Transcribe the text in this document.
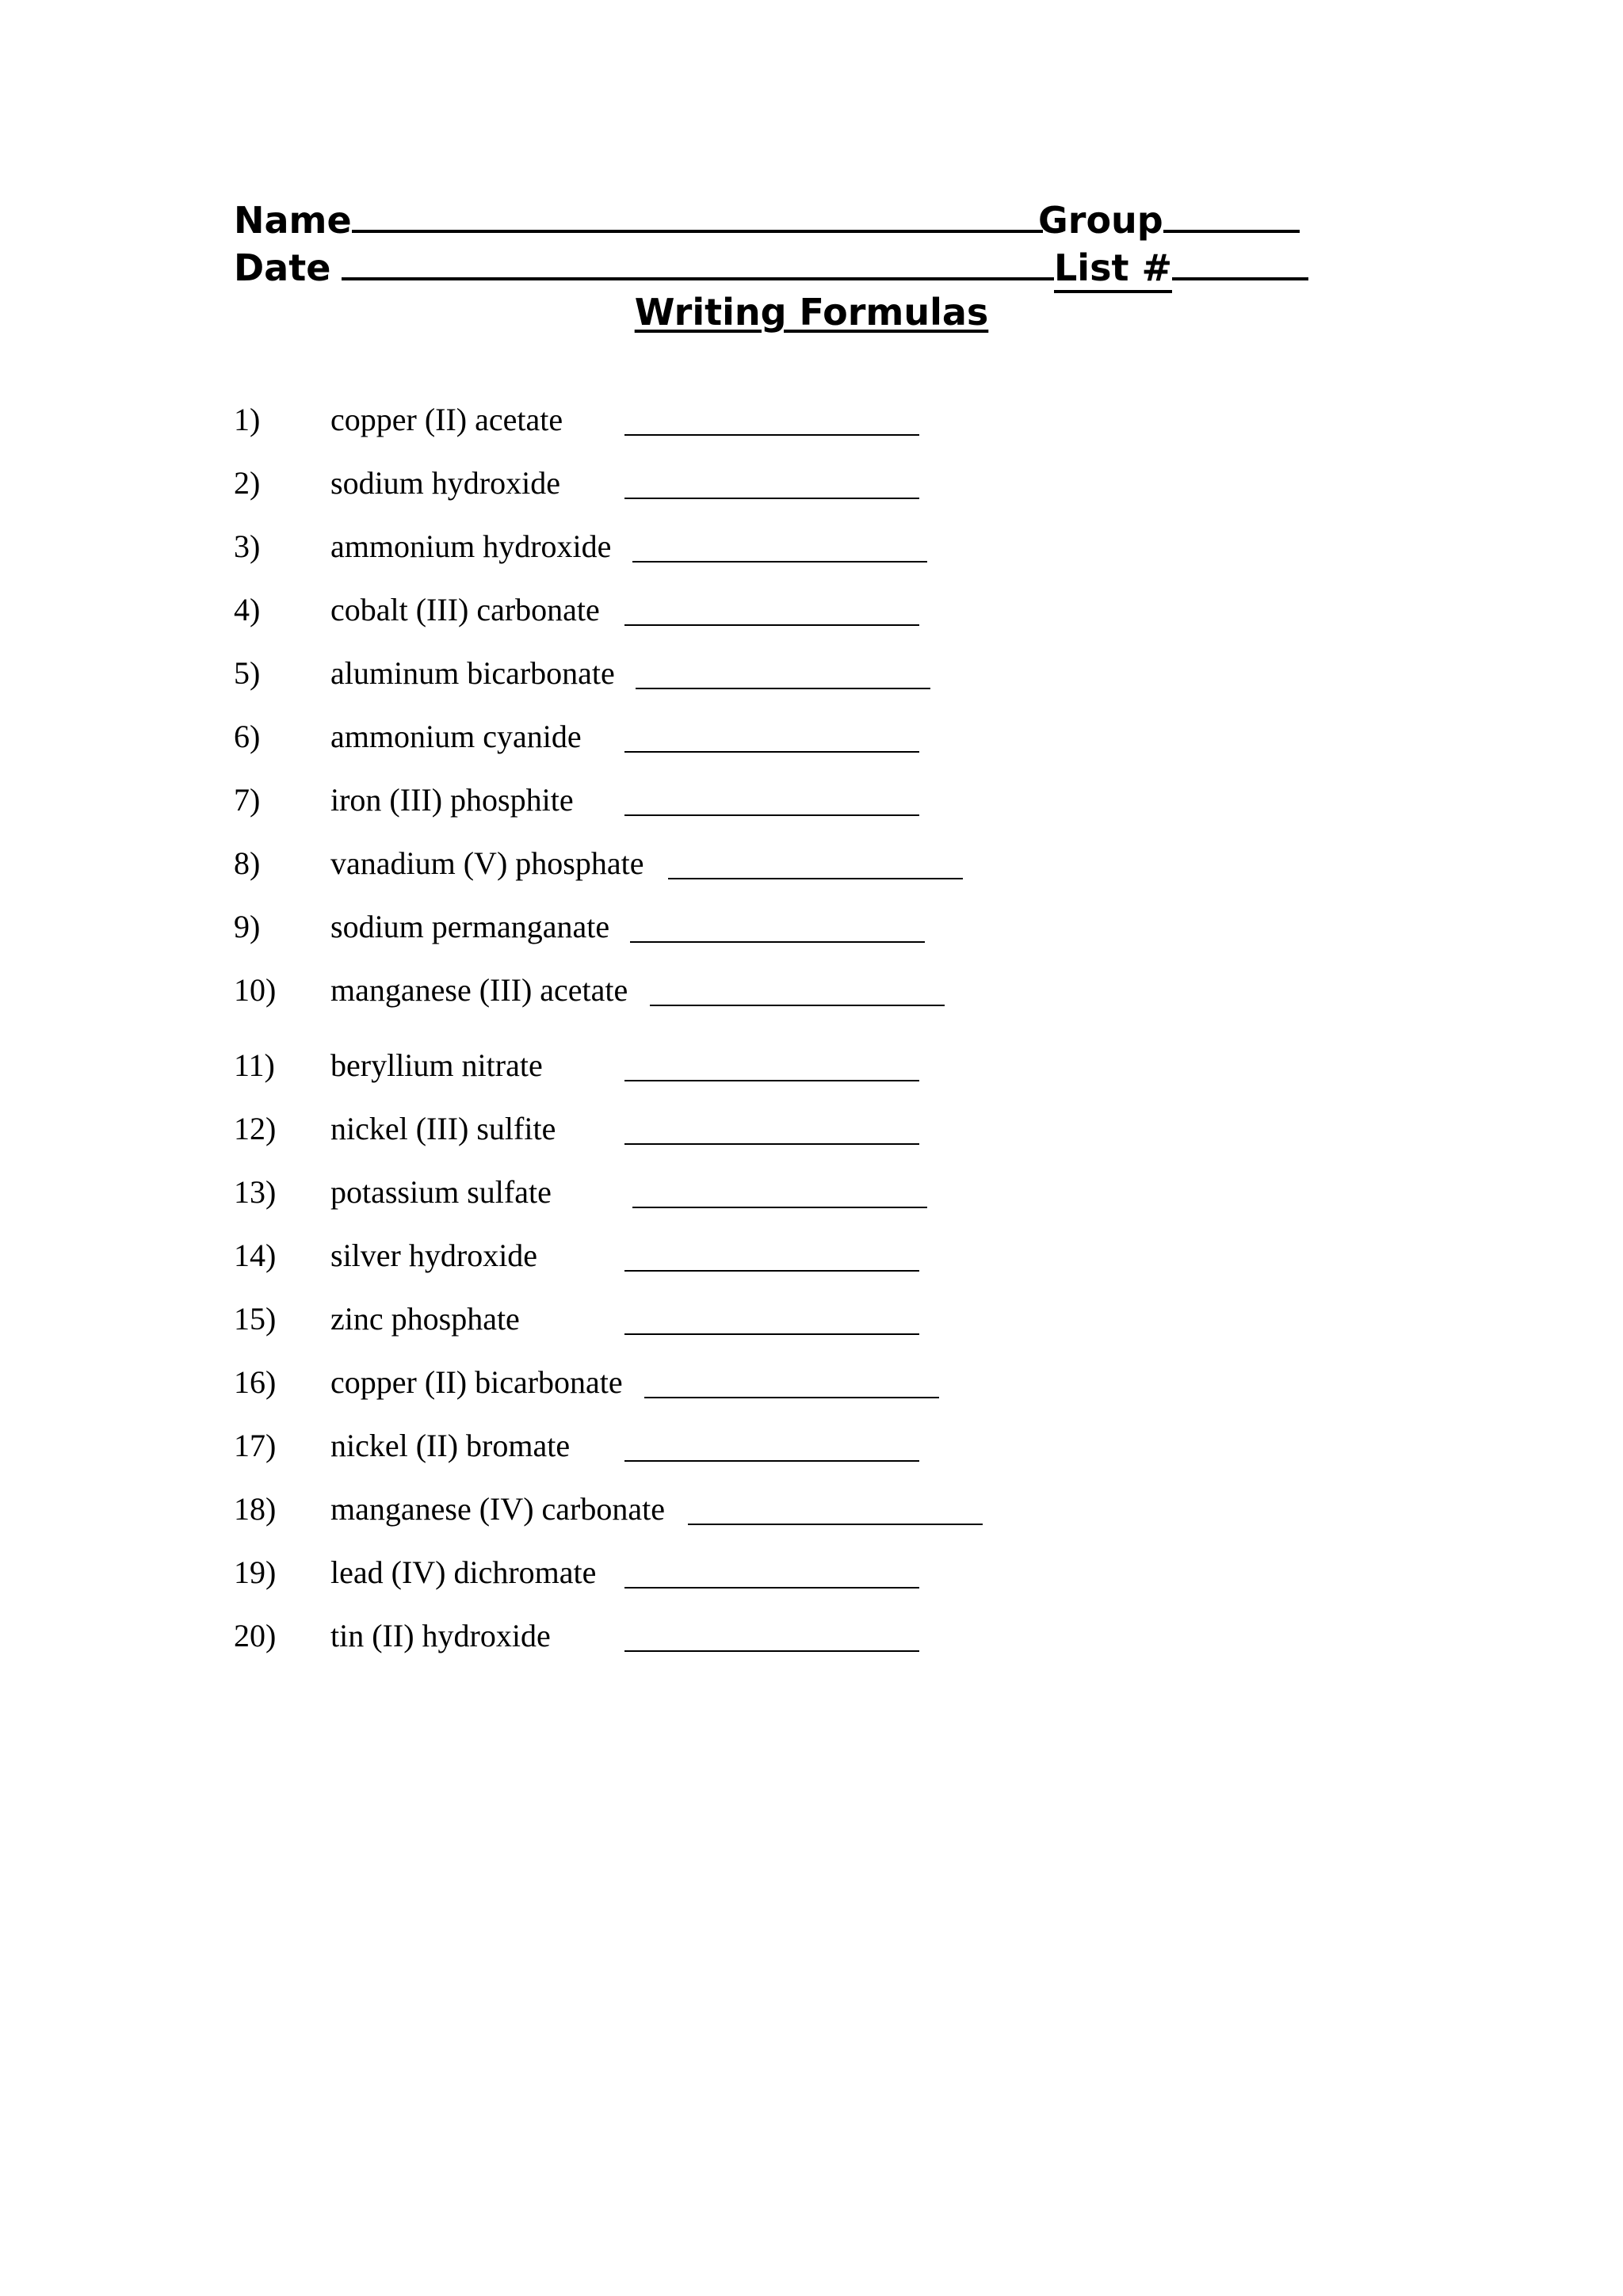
Name	Group
Date	List #
Writing Formulas
1)	copper (II) acetate
2)	sodium hydroxide
3)	ammonium hydroxide
4)	cobalt (III) carbonate
5)	aluminum bicarbonate
6)	ammonium cyanide
7)	iron (III) phosphite
8)	vanadium (V) phosphate
9)	sodium permanganate
10)	manganese (III) acetate
11)	beryllium nitrate
12)	nickel (III) sulfite
13)	potassium sulfate
14)	silver hydroxide
15)	zinc phosphate
16)	copper (II) bicarbonate
17)	nickel (II) bromate
18)	manganese (IV) carbonate
19)	lead (IV) dichromate
20)	tin (II) hydroxide
